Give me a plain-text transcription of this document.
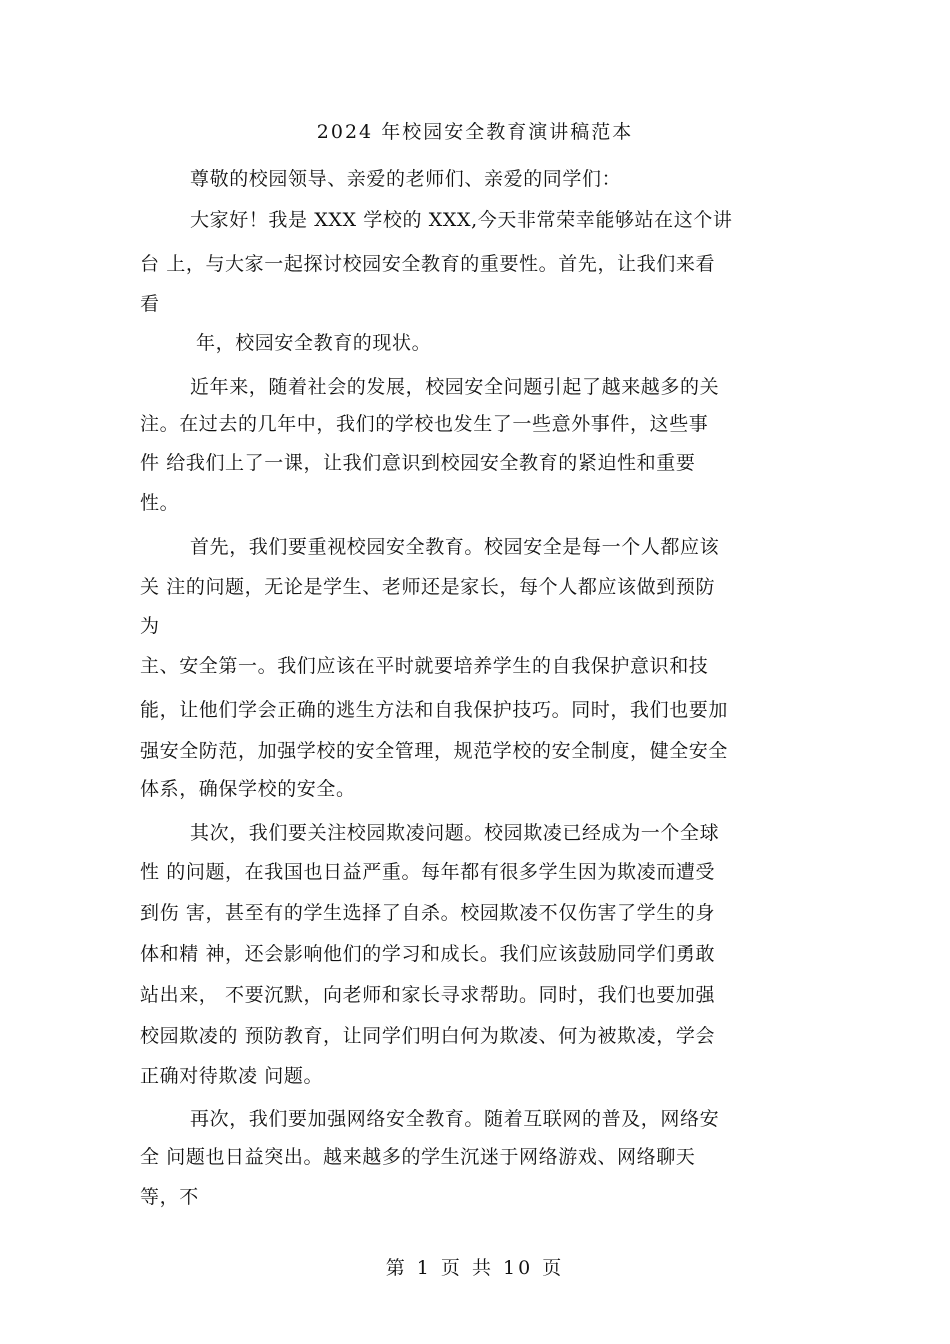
2024 年校园安全教育演讲稿范本
尊敬的校园领导、亲爱的老师们、亲爱的同学们：
大家好！我是 XXX 学校的 XXX,今天非常荣幸能够站在这个讲
台 上，与大家一起探讨校园安全教育的重要性。首先，让我们来看
看
年，校园安全教育的现状。
近年来，随着社会的发展，校园安全问题引起了越来越多的关
注。在过去的几年中，我们的学校也发生了一些意外事件，这些事
件 给我们上了一课，让我们意识到校园安全教育的紧迫性和重要
性。
首先，我们要重视校园安全教育。校园安全是每一个人都应该
关 注的问题，无论是学生、老师还是家长，每个人都应该做到预防
为
主、安全第一。我们应该在平时就要培养学生的自我保护意识和技
能，让他们学会正确的逃生方法和自我保护技巧。同时，我们也要加
强安全防范，加强学校的安全管理，规范学校的安全制度，健全安全
体系，确保学校的安全。
其次，我们要关注校园欺凌问题。校园欺凌已经成为一个全球
性 的问题，在我国也日益严重。每年都有很多学生因为欺凌而遭受
到伤 害，甚至有的学生选择了自杀。校园欺凌不仅伤害了学生的身
体和精 神，还会影响他们的学习和成长。我们应该鼓励同学们勇敢
站出来， 不要沉默，向老师和家长寻求帮助。同时，我们也要加强
校园欺凌的 预防教育，让同学们明白何为欺凌、何为被欺凌，学会
正确对待欺凌 问题。
再次，我们要加强网络安全教育。随着互联网的普及，网络安
全 问题也日益突出。越来越多的学生沉迷于网络游戏、网络聊天
等，不
第 1 页 共 10 页
